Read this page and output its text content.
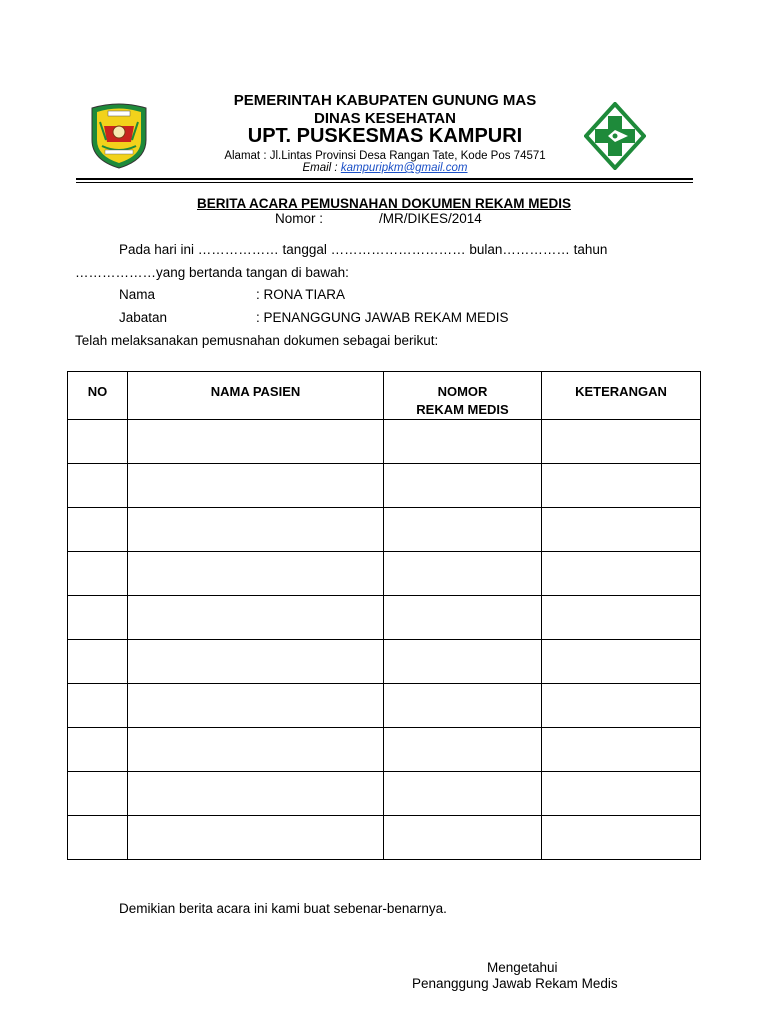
PEMERINTAH KABUPATEN GUNUNG MAS
DINAS KESEHATAN
UPT. PUSKESMAS KAMPURI
Alamat : Jl.Lintas Provinsi Desa Rangan Tate, Kode Pos 74571
Email : kampuripkm@gmail.com
BERITA ACARA PEMUSNAHAN DOKUMEN REKAM MEDIS
Nomor :	/MR/DIKES/2014
Pada hari ini ……………… tanggal ………………………… bulan…………… tahun
………………yang bertanda tangan di bawah:
Nama	: RONA TIARA
Jabatan	: PENANGGUNG JAWAB REKAM MEDIS
Telah melaksanakan pemusnahan dokumen sebagai berikut:
NO	NAMA PASIEN	NOMOR REKAM MEDIS	KETERANGAN

Demikian berita acara ini kami buat sebenar-benarnya.
Mengetahui
Penanggung Jawab Rekam Medis
